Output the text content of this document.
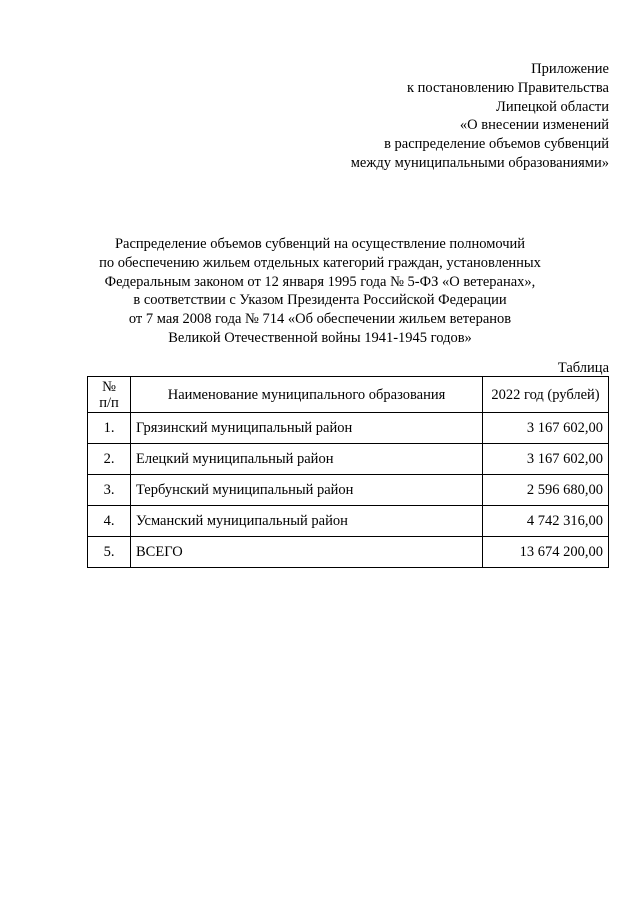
Приложение
к постановлению Правительства
Липецкой области
«О внесении изменений
в распределение объемов субвенций
между муниципальными образованиями»
Распределение объемов субвенций на осуществление полномочий
по обеспечению жильем отдельных категорий граждан, установленных
Федеральным законом от 12 января 1995 года № 5-ФЗ «О ветеранах»,
в соответствии с Указом Президента Российской Федерации
от 7 мая 2008 года № 714 «Об обеспечении жильем ветеранов
Великой Отечественной войны 1941-1945 годов»
Таблица
№
п/п	Наименование муниципального образования	2022 год (рублей)
1.	Грязинский муниципальный район	3 167 602,00
2.	Елецкий муниципальный район	3 167 602,00
3.	Тербунский муниципальный район	2 596 680,00
4.	Усманский муниципальный район	4 742 316,00
5.	ВСЕГО	13 674 200,00
